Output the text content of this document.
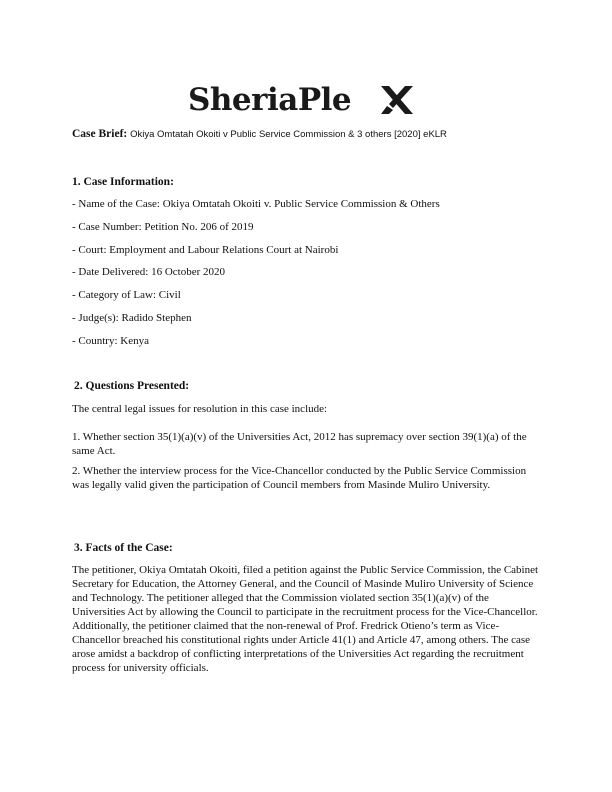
SheriaPle
Case Brief: Okiya Omtatah Okoiti v Public Service Commission & 3 others [2020] eKLR
1. Case Information:
- Name of the Case: Okiya Omtatah Okoiti v. Public Service Commission & Others
- Case Number: Petition No. 206 of 2019
- Court: Employment and Labour Relations Court at Nairobi
- Date Delivered: 16 October 2020
- Category of Law: Civil
- Judge(s): Radido Stephen
- Country: Kenya
2. Questions Presented:
The central legal issues for resolution in this case include:
1. Whether section 35(1)(a)(v) of the Universities Act, 2012 has supremacy over section 39(1)(a) of the same Act.
2. Whether the interview process for the Vice-Chancellor conducted by the Public Service Commission was legally valid given the participation of Council members from Masinde Muliro University.
3. Facts of the Case:
The petitioner, Okiya Omtatah Okoiti, filed a petition against the Public Service Commission, the Cabinet Secretary for Education, the Attorney General, and the Council of Masinde Muliro University of Science and Technology. The petitioner alleged that the Commission violated section 35(1)(a)(v) of the Universities Act by allowing the Council to participate in the recruitment process for the Vice-Chancellor. Additionally, the petitioner claimed that the non-renewal of Prof. Fredrick Otieno’s term as Vice-Chancellor breached his constitutional rights under Article 41(1) and Article 47, among others. The case arose amidst a backdrop of conflicting interpretations of the Universities Act regarding the recruitment process for university officials.
